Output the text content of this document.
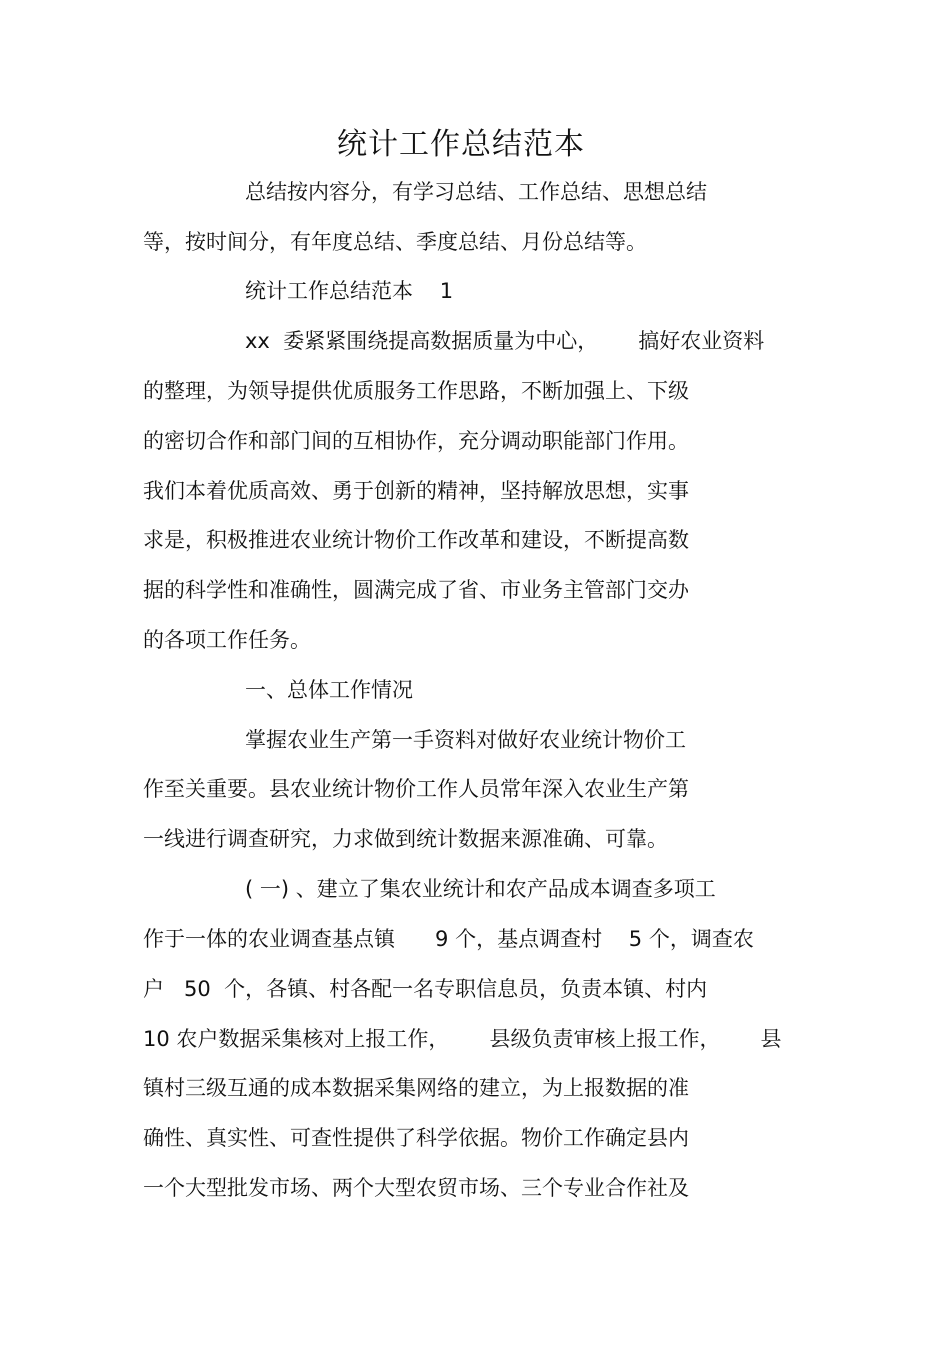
统计工作总结范本
总结按内容分，有学习总结、工作总结、思想总结
等，按时间分，有年度总结、季度总结、月份总结等。
统计工作总结范本    1
xx  委紧紧围绕提高数据质量为中心，      搞好农业资料
的整理，为领导提供优质服务工作思路，不断加强上、下级
的密切合作和部门间的互相协作，充分调动职能部门作用。
我们本着优质高效、勇于创新的精神，坚持解放思想，实事
求是，积极推进农业统计物价工作改革和建设，不断提高数
据的科学性和准确性，圆满完成了省、市业务主管部门交办
的各项工作任务。
一、总体工作情况
掌握农业生产第一手资料对做好农业统计物价工
作至关重要。县农业统计物价工作人员常年深入农业生产第
一线进行调查研究，力求做到统计数据来源准确、可靠。
( 一) 、建立了集农业统计和农产品成本调查多项工
作于一体的农业调查基点镇      9 个，基点调查村    5 个，调查农
户   50  个，各镇、村各配一名专职信息员，负责本镇、村内
10 农户数据采集核对上报工作，      县级负责审核上报工作，      县
镇村三级互通的成本数据采集网络的建立，为上报数据的准
确性、真实性、可查性提供了科学依据。物价工作确定县内
一个大型批发市场、两个大型农贸市场、三个专业合作社及
